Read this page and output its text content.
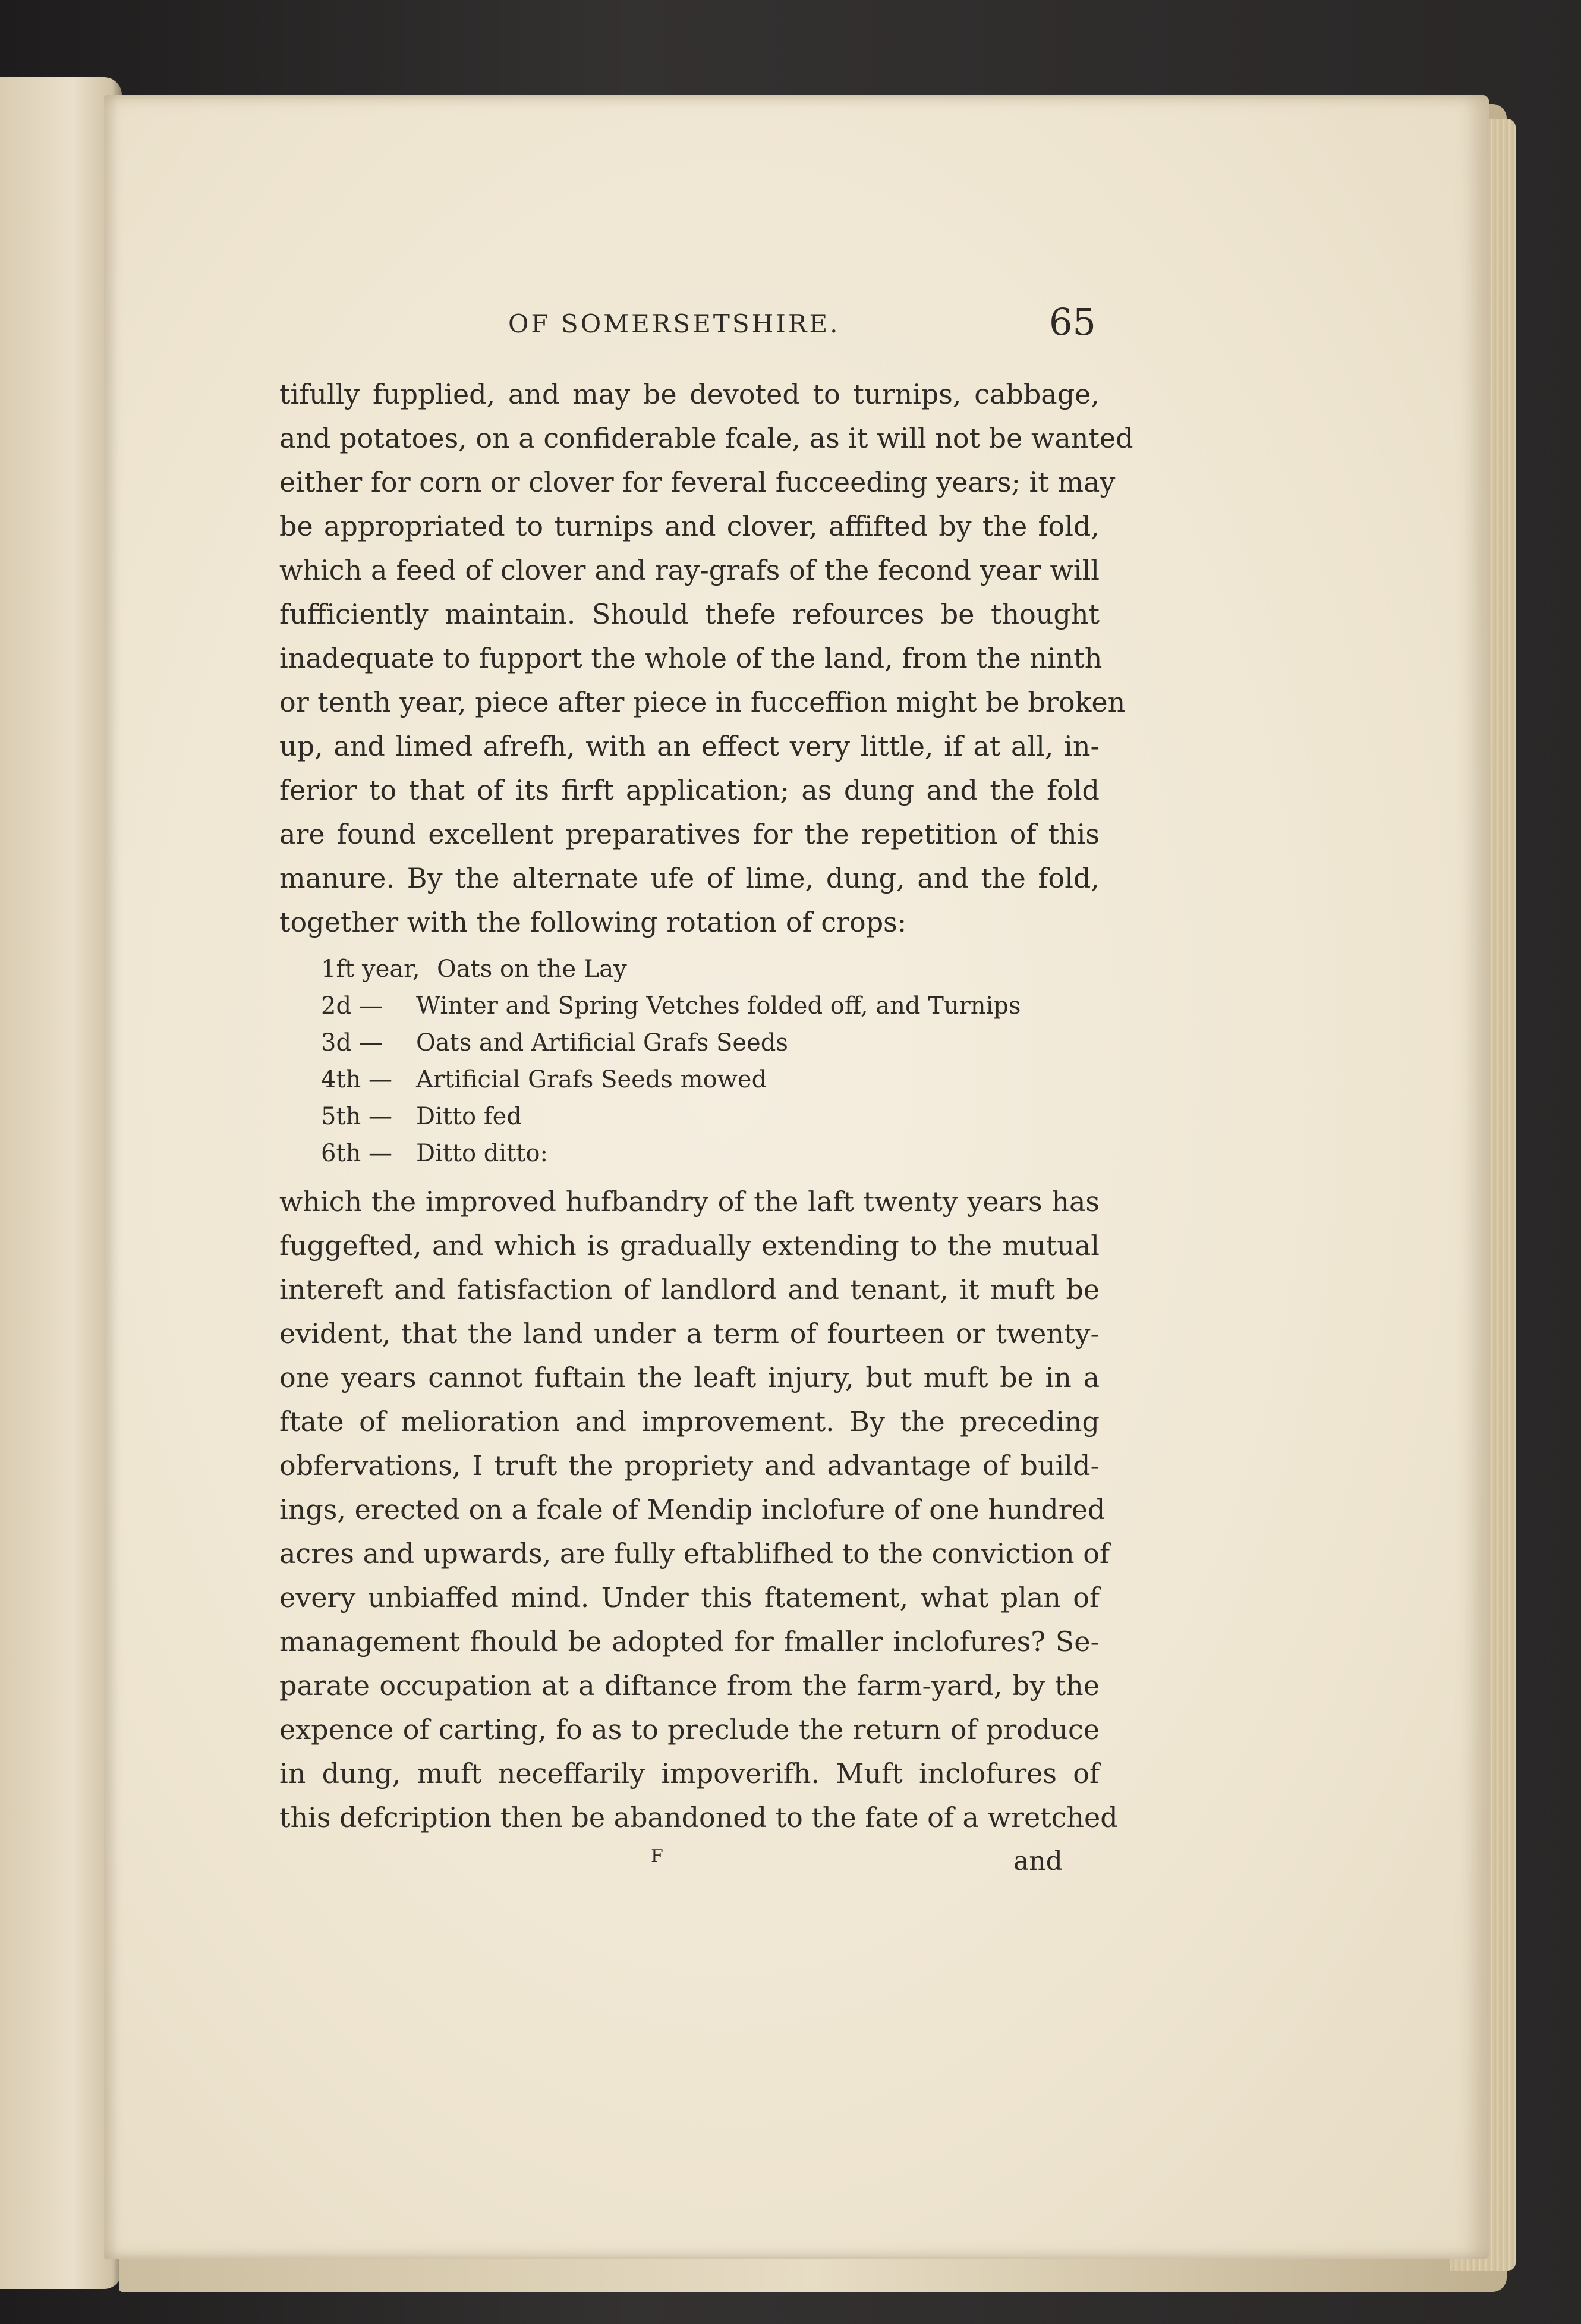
OF SOMERSETSHIRE.	65
tifully fupplied, and may be devoted to turnips, cabbage,
and potatoes, on a confiderable fcale, as it will not be wanted
either for corn or clover for feveral fucceeding years; it may
be appropriated to turnips and clover, affifted by the fold,
which a feed of clover and ray-grafs of the fecond year will
fufficiently maintain. Should thefe refources be thought
inadequate to fupport the whole of the land, from the ninth
or tenth year, piece after piece in fucceffion might be broken
up, and limed afrefh, with an effect very little, if at all, in-
ferior to that of its firft application; as dung and the fold
are found excellent preparatives for the repetition of this
manure. By the alternate ufe of lime, dung, and the fold,
together with the following rotation of crops:
1ft year, Oats on the Lay
2d — Winter and Spring Vetches folded off, and Turnips
3d — Oats and Artificial Grafs Seeds
4th — Artificial Grafs Seeds mowed
5th — Ditto fed
6th — Ditto ditto:
which the improved hufbandry of the laft twenty years has
fuggefted, and which is gradually extending to the mutual
intereft and fatisfaction of landlord and tenant, it muft be
evident, that the land under a term of fourteen or twenty-
one years cannot fuftain the leaft injury, but muft be in a
ftate of melioration and improvement. By the preceding
obfervations, I truft the propriety and advantage of build-
ings, erected on a fcale of Mendip inclofure of one hundred
acres and upwards, are fully eftablifhed to the conviction of
every unbiaffed mind. Under this ftatement, what plan of
management fhould be adopted for fmaller inclofures? Se-
parate occupation at a diftance from the farm-yard, by the
expence of carting, fo as to preclude the return of produce
in dung, muft neceffarily impoverifh. Muft inclofures of
this defcription then be abandoned to the fate of a wretched
F	and
